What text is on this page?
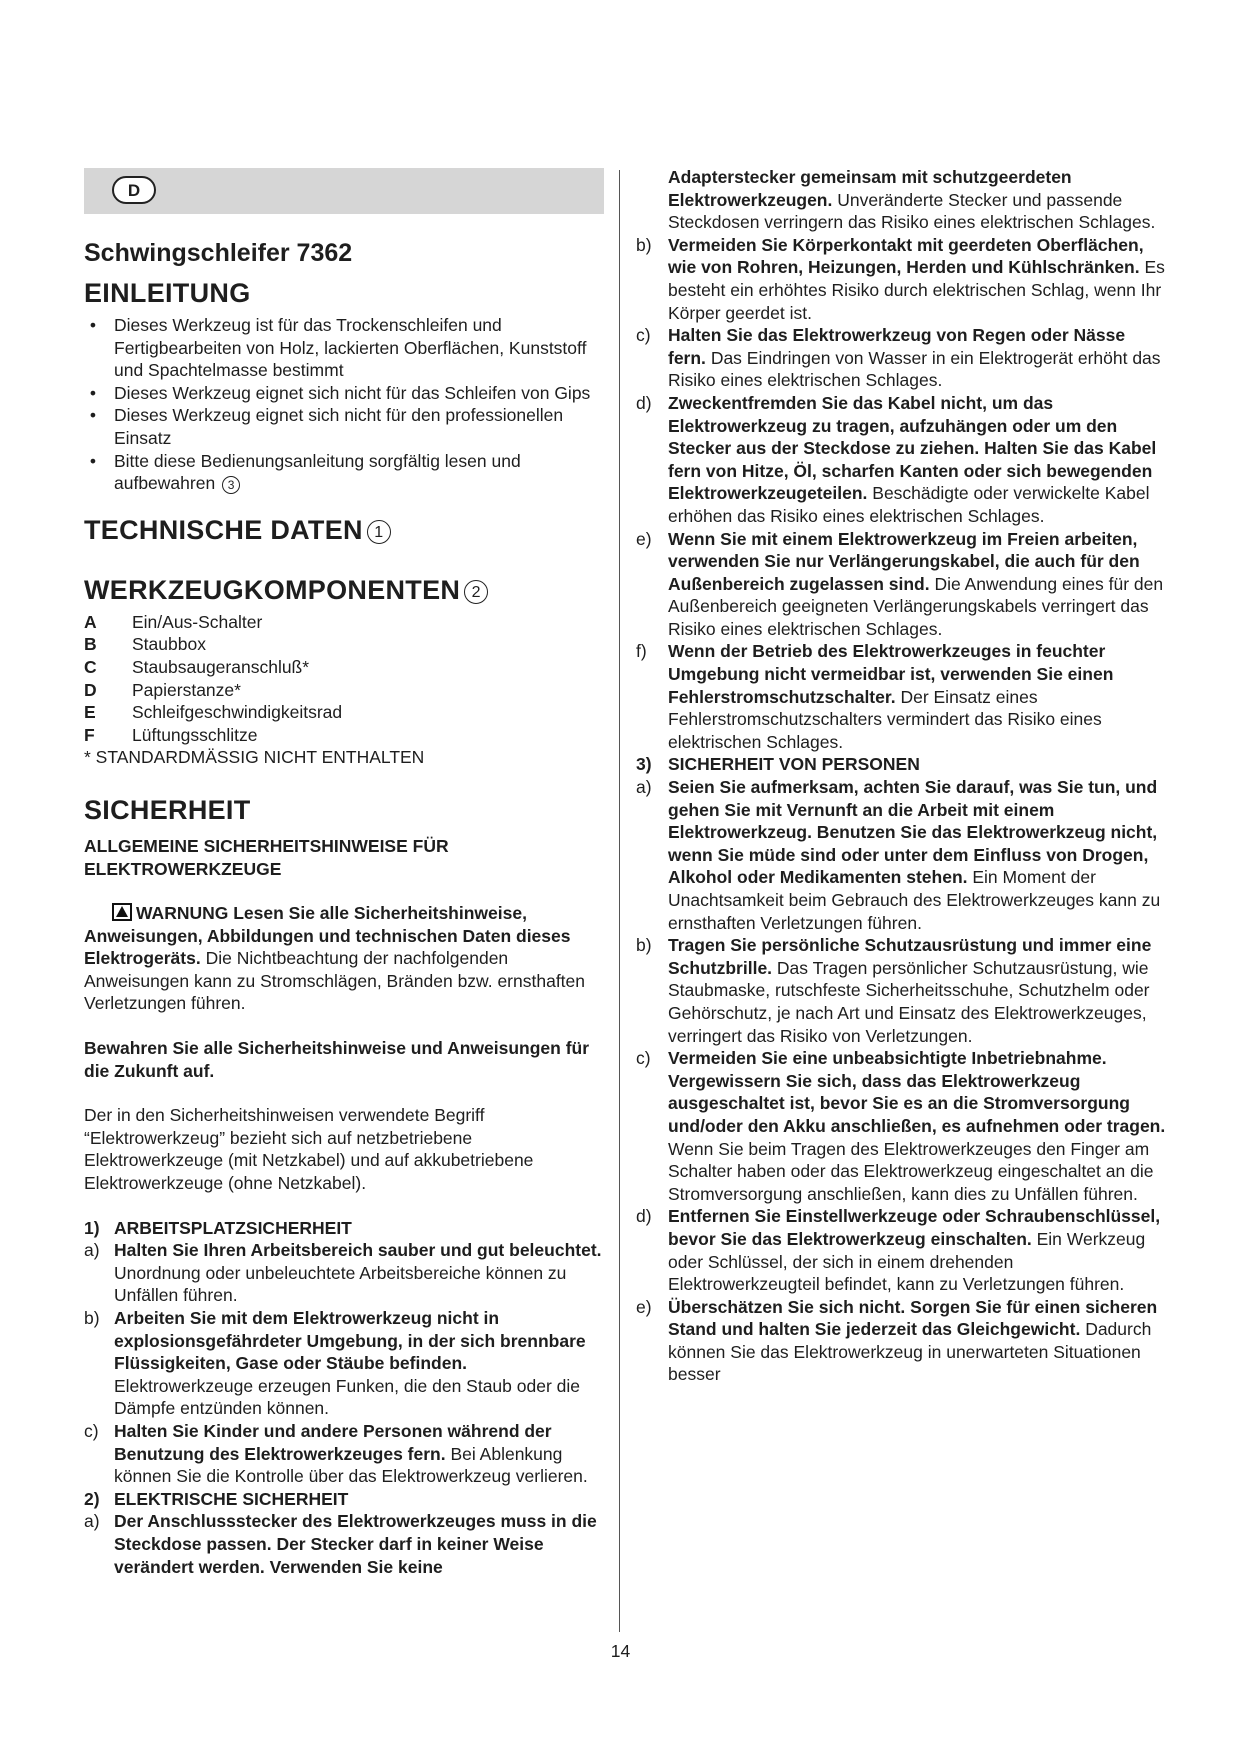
D
Schwingschleifer 7362
EINLEITUNG
•	Dieses Werkzeug ist für das Trockenschleifen und Fertigbearbeiten von Holz, lackierten Oberflächen, Kunststoff und Spachtelmasse bestimmt
•	Dieses Werkzeug eignet sich nicht für das Schleifen von Gips
•	Dieses Werkzeug eignet sich nicht für den professionellen Einsatz
•	Bitte diese Bedienungsanleitung sorgfältig lesen und aufbewahren 3
TECHNISCHE DATEN 1
WERKZEUGKOMPONENTEN 2
A	Ein/Aus-Schalter
B	Staubbox
C	Staubsaugeranschluß*
D	Papierstanze*
E	Schleifgeschwindigkeitsrad
F	Lüftungsschlitze
* STANDARDMÄSSIG NICHT ENTHALTEN
SICHERHEIT

ALLGEMEINE SICHERHEITSHINWEISE FÜR ELEKTROWERKZEUGE

WARNUNG Lesen Sie alle Sicherheitshinweise, Anweisungen, Abbildungen und technischen Daten dieses Elektrogeräts. Die Nichtbeachtung der nachfolgenden Anweisungen kann zu Stromschlägen, Bränden bzw. ernsthaften Verletzungen führen.

Bewahren Sie alle Sicherheitshinweise und Anweisungen für die Zukunft auf.

Der in den Sicherheitshinweisen verwendete Begriff “Elektrowerkzeug” bezieht sich auf netzbetriebene Elektrowerkzeuge (mit Netzkabel) und auf akkubetriebene Elektrowerkzeuge (ohne Netzkabel).

1) ARBEITSPLATZSICHERHEIT
a) Halten Sie Ihren Arbeitsbereich sauber und gut beleuchtet. Unordnung oder unbeleuchtete Arbeitsbereiche können zu Unfällen führen.
b) Arbeiten Sie mit dem Elektrowerkzeug nicht in explosionsgefährdeter Umgebung, in der sich brennbare Flüssigkeiten, Gase oder Stäube befinden. Elektrowerkzeuge erzeugen Funken, die den Staub oder die Dämpfe entzünden können.
c) Halten Sie Kinder und andere Personen während der Benutzung des Elektrowerkzeuges fern. Bei Ablenkung können Sie die Kontrolle über das Elektrowerkzeug verlieren.
2) ELEKTRISCHE SICHERHEIT
a) Der Anschlussstecker des Elektrowerkzeuges muss in die Steckdose passen. Der Stecker darf in keiner Weise verändert werden. Verwenden Sie keine
Adapterstecker gemeinsam mit schutzgeerdeten Elektrowerkzeugen. Unveränderte Stecker und passende Steckdosen verringern das Risiko eines elektrischen Schlages.
b) Vermeiden Sie Körperkontakt mit geerdeten Oberflächen, wie von Rohren, Heizungen, Herden und Kühlschränken. Es besteht ein erhöhtes Risiko durch elektrischen Schlag, wenn Ihr Körper geerdet ist.
c) Halten Sie das Elektrowerkzeug von Regen oder Nässe fern. Das Eindringen von Wasser in ein Elektrogerät erhöht das Risiko eines elektrischen Schlages.
d) Zweckentfremden Sie das Kabel nicht, um das Elektrowerkzeug zu tragen, aufzuhängen oder um den Stecker aus der Steckdose zu ziehen. Halten Sie das Kabel fern von Hitze, Öl, scharfen Kanten oder sich bewegenden Elektrowerkzeugeteilen. Beschädigte oder verwickelte Kabel erhöhen das Risiko eines elektrischen Schlages.
e) Wenn Sie mit einem Elektrowerkzeug im Freien arbeiten, verwenden Sie nur Verlängerungskabel, die auch für den Außenbereich zugelassen sind. Die Anwendung eines für den Außenbereich geeigneten Verlängerungskabels verringert das Risiko eines elektrischen Schlages.
f) Wenn der Betrieb des Elektrowerkzeuges in feuchter Umgebung nicht vermeidbar ist, verwenden Sie einen Fehlerstromschutzschalter. Der Einsatz eines Fehlerstromschutzschalters vermindert das Risiko eines elektrischen Schlages.
3) SICHERHEIT VON PERSONEN
a) Seien Sie aufmerksam, achten Sie darauf, was Sie tun, und gehen Sie mit Vernunft an die Arbeit mit einem Elektrowerkzeug. Benutzen Sie das Elektrowerkzeug nicht, wenn Sie müde sind oder unter dem Einfluss von Drogen, Alkohol oder Medikamenten stehen. Ein Moment der Unachtsamkeit beim Gebrauch des Elektrowerkzeuges kann zu ernsthaften Verletzungen führen.
b) Tragen Sie persönliche Schutzausrüstung und immer eine Schutzbrille. Das Tragen persönlicher Schutzausrüstung, wie Staubmaske, rutschfeste Sicherheitsschuhe, Schutzhelm oder Gehörschutz, je nach Art und Einsatz des Elektrowerkzeuges, verringert das Risiko von Verletzungen.
c) Vermeiden Sie eine unbeabsichtigte Inbetriebnahme. Vergewissern Sie sich, dass das Elektrowerkzeug ausgeschaltet ist, bevor Sie es an die Stromversorgung und/oder den Akku anschließen, es aufnehmen oder tragen. Wenn Sie beim Tragen des Elektrowerkzeuges den Finger am Schalter haben oder das Elektrowerkzeug eingeschaltet an die Stromversorgung anschließen, kann dies zu Unfällen führen.
d) Entfernen Sie Einstellwerkzeuge oder Schraubenschlüssel, bevor Sie das Elektrowerkzeug einschalten. Ein Werkzeug oder Schlüssel, der sich in einem drehenden Elektrowerkzeugteil befindet, kann zu Verletzungen führen.
e) Überschätzen Sie sich nicht. Sorgen Sie für einen sicheren Stand und halten Sie jederzeit das Gleichgewicht. Dadurch können Sie das Elektrowerkzeug in unerwarteten Situationen besser
14
